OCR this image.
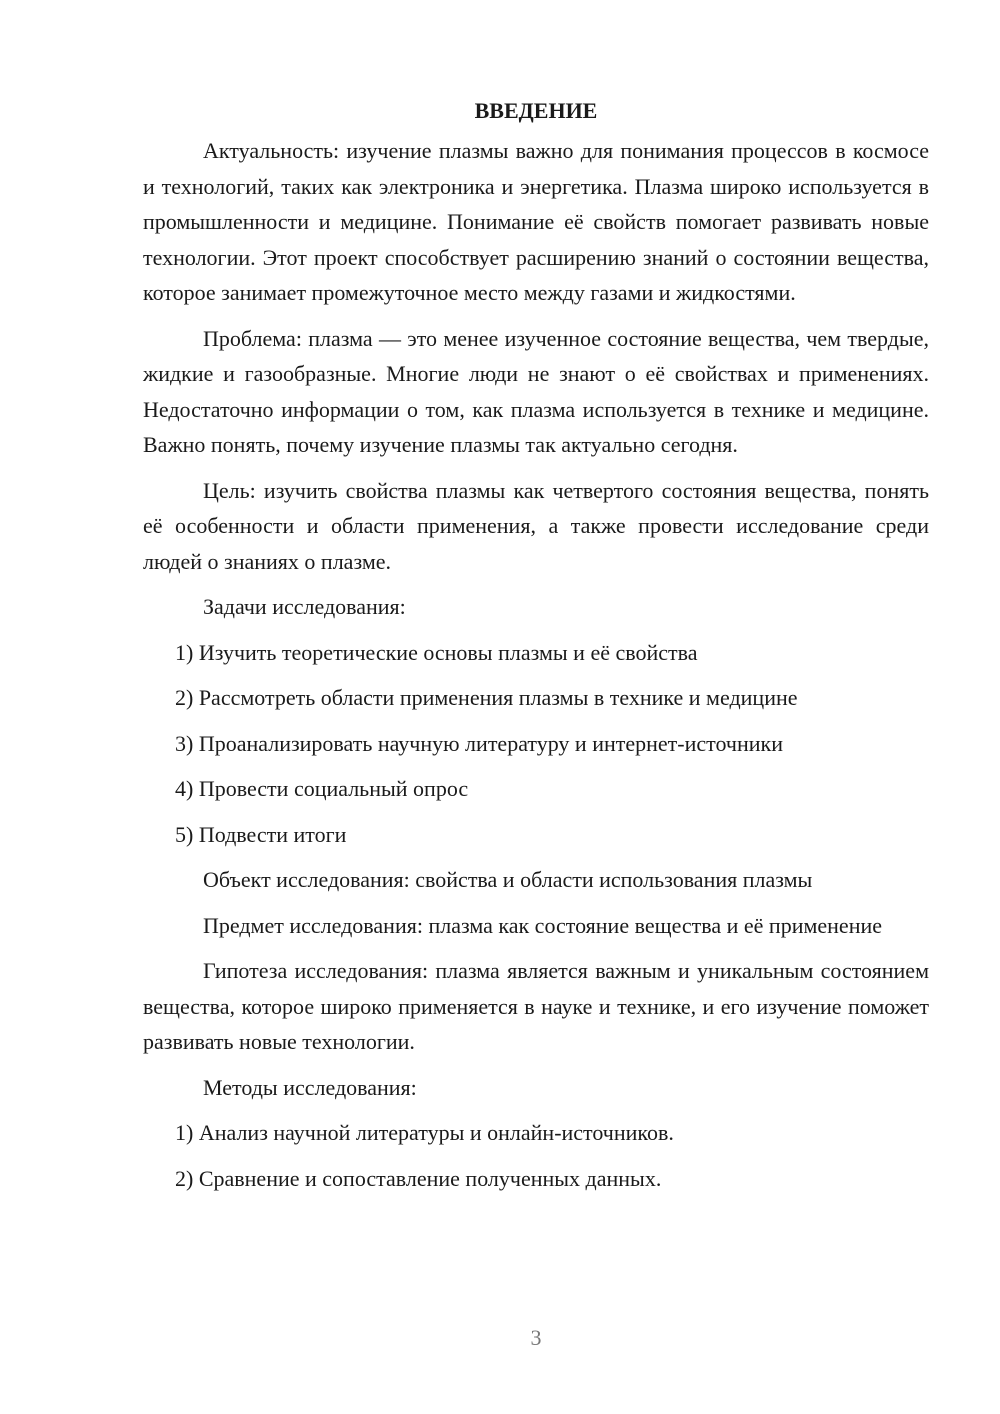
ВВЕДЕНИЕ
Актуальность: изучение плазмы важно для понимания процессов в космосе и технологий, таких как электроника и энергетика. Плазма широко используется в промышленности и медицине. Понимание её свойств помогает развивать новые технологии. Этот проект способствует расширению знаний о состоянии вещества, которое занимает промежуточное место между газами и жидкостями.
Проблема: плазма — это менее изученное состояние вещества, чем твердые, жидкие и газообразные. Многие люди не знают о её свойствах и применениях. Недостаточно информации о том, как плазма используется в технике и медицине. Важно понять, почему изучение плазмы так актуально сегодня.
Цель: изучить свойства плазмы как четвертого состояния вещества, понять её особенности и области применения, а также провести исследование среди людей о знаниях о плазме.
Задачи исследования:
1) Изучить теоретические основы плазмы и её свойства
2) Рассмотреть области применения плазмы в технике и медицине
3) Проанализировать научную литературу и интернет-источники
4) Провести социальный опрос
5) Подвести итоги
Объект исследования: свойства и области использования плазмы
Предмет исследования: плазма как состояние вещества и её применение
Гипотеза исследования: плазма является важным и уникальным состоянием вещества, которое широко применяется в науке и технике, и его изучение поможет развивать новые технологии.
Методы исследования:
1) Анализ научной литературы и онлайн-источников.
2) Сравнение и сопоставление полученных данных.
3
